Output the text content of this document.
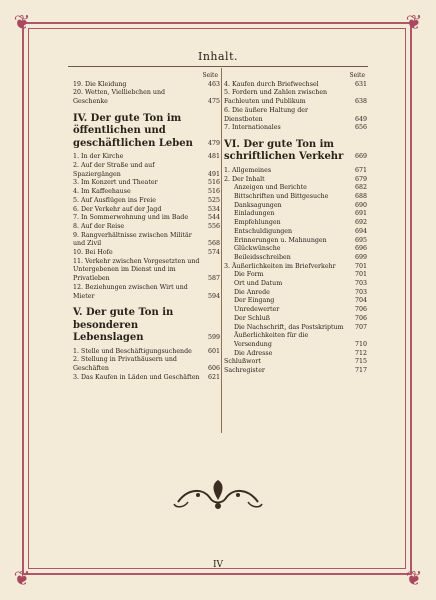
❦	❦
❦	❦
Inhalt.
Seite
19. Die Kleidung	463
20. Wetten, Vielliebchen und Geschenke	475
IV. Der gute Ton im öffentlichen und geschäftlichen Leben	479
1. In der Kirche	481
2. Auf der Straße und auf Spaziergängen	491
3. Im Konzert und Theater	516
4. Im Kaffeehause	516
5. Auf Ausflügen ins Freie	525
6. Der Verkehr auf der Jagd	534
7. In Sommerwohnung und im Bade	544
8. Auf der Reise	556
9. Rangverhältnisse zwischen Militär und Zivil	568
10. Bei Hofe	574
11. Verkehr zwischen Vorgesetzten und Untergebenen im Dienst und im Privatleben	587
12. Beziehungen zwischen Wirt und Mieter	594
V. Der gute Ton in besonderen Lebenslagen	599
1. Stelle und Beschäftigungsuchende	601
2. Stellung in Privathäusern und Geschäften	606
3. Das Kaufen in Läden und Geschäften	621
Seite
4. Kaufen durch Briefwechsel	631
5. Fordern und Zahlen zwischen Fachleuten und Publikum	638
6. Die äußere Haltung der Dienstboten	649
7. Internationales	656
VI. Der gute Ton im schriftlichen Verkehr	669
1. Allgemeines	671
2. Der Inhalt	679
Anzeigen und Berichte	682
Bittschriften und Bittgesuche	688
Danksagungen	690
Einladungen	691
Empfehlungen	692
Entschuldigungen	694
Erinnerungen u. Mahnungen	695
Glückwünsche	696
Beileidsschreiben	699
3. Äußerlichkeiten im Briefverkehr	701
Die Form	701
Ort und Datum	703
Die Anrede	703
Der Eingang	704
Unredewerter	706
Der Schluß	706
Die Nachschrift, das Postskriptum	707
Äußerlichkeiten für die Versendung	710
Die Adresse	712
Schlußwort	715
Sachregister	717
IV
